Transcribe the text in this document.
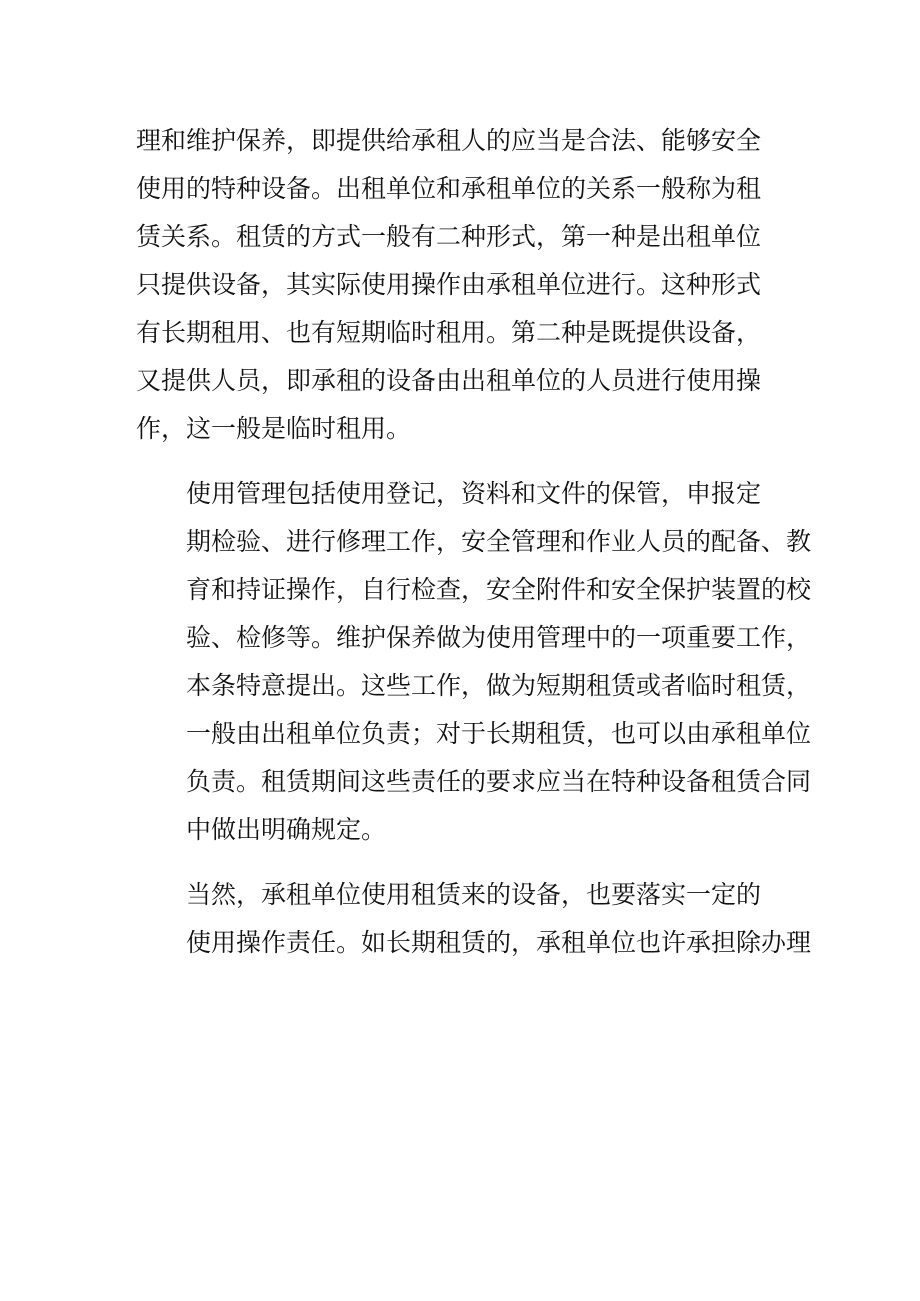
理和维护保养，即提供给承租人的应当是合法、能够安全
使用的特种设备。出租单位和承租单位的关系一般称为租
赁关系。租赁的方式一般有二种形式，第一种是出租单位
只提供设备，其实际使用操作由承租单位进行。这种形式
有长期租用、也有短期临时租用。第二种是既提供设备，
又提供人员，即承租的设备由出租单位的人员进行使用操
作，这一般是临时租用。

使用管理包括使用登记，资料和文件的保管，申报定
期检验、进行修理工作，安全管理和作业人员的配备、教
育和持证操作，自行检查，安全附件和安全保护装置的校
验、检修等。维护保养做为使用管理中的一项重要工作，
本条特意提出。这些工作，做为短期租赁或者临时租赁，
一般由出租单位负责；对于长期租赁，也可以由承租单位
负责。租赁期间这些责任的要求应当在特种设备租赁合同
中做出明确规定。

当然，承租单位使用租赁来的设备，也要落实一定的
使用操作责任。如长期租赁的，承租单位也许承担除办理
